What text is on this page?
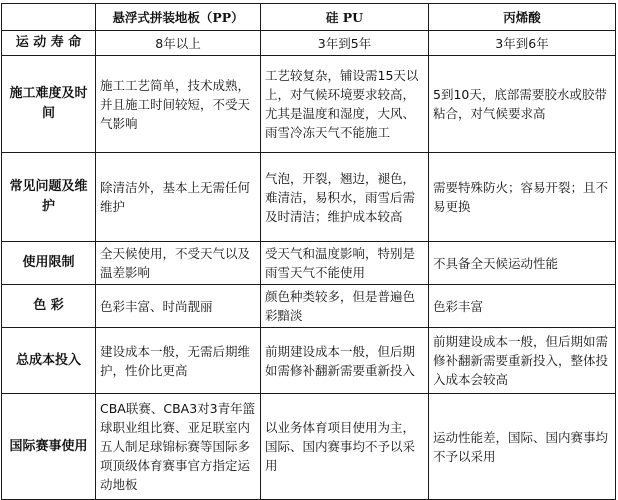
	悬浮式拼装地板（PP）	硅 PU	丙烯酸
运 动 寿 命	8年以上	3年到5年	3年到6年
施工难度及时间	施工工艺简单，技术成熟，并且施工时间较短，不受天气影响	工艺较复杂，铺设需15天以上，对气候环境要求较高，尤其是温度和湿度，大风、雨雪冷冻天气不能施工	5到10天，底部需要胶水或胶带粘合，对气候要求高
常见问题及维护	除清洁外，基本上无需任何维护	气泡，开裂，翘边，褪色，难清洁，易积水，雨雪后需及时清洁；维护成本较高	需要特殊防火；容易开裂；且不易更换
使用限制	全天候使用，不受天气以及温差影响	受天气和温度影响，特别是雨雪天气不能使用	不具备全天候运动性能
色 彩	色彩丰富、时尚靓丽	颜色种类较多，但是普遍色彩黯淡	色彩丰富
总成本投入	建设成本一般，无需后期维护，性价比更高	前期建设成本一般，但后期如需修补翻新需要重新投入	前期建设成本一般，但后期如需修补翻新需要重新投入，整体投入成本会较高
国际赛事使用	CBA联赛、CBA3对3青年篮球职业组比赛、亚足联室内五人制足球锦标赛等国际多项顶级体育赛事官方指定运动地板	以业务体育项目使用为主，国际、国内赛事均不予以采用	运动性能差，国际、国内赛事均不予以采用
